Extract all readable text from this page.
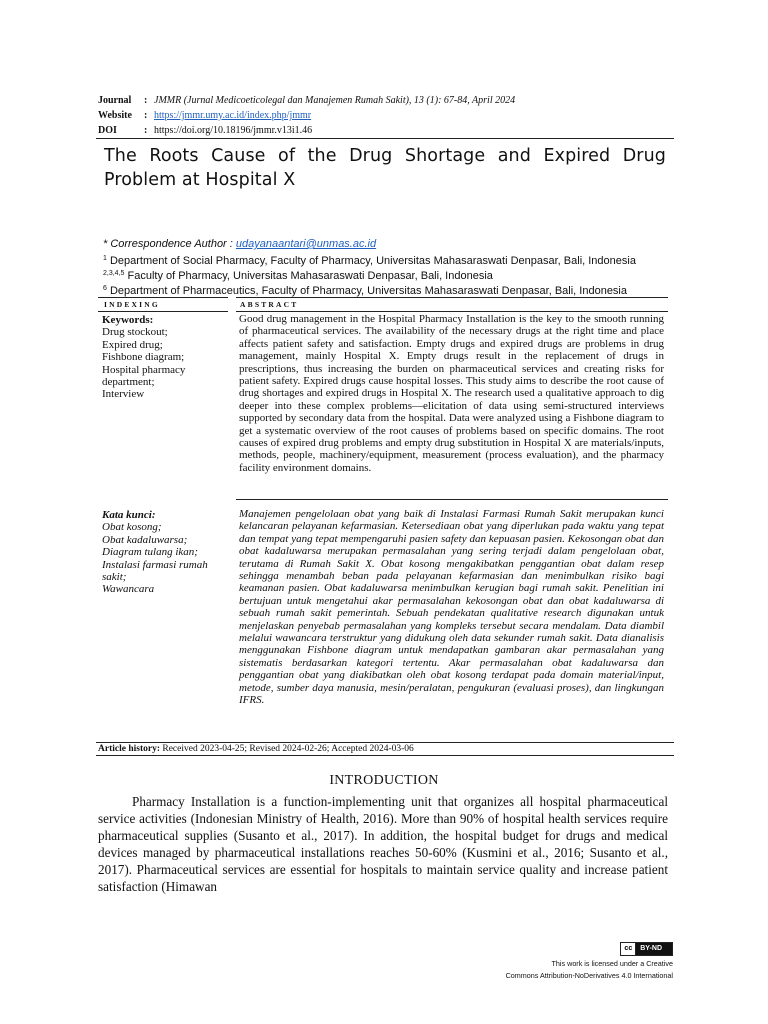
Journal	: JMMR (Jurnal Medicoeticolegal dan Manajemen Rumah Sakit), 13 (1): 67-84, April 2024
Website	: https://jmmr.umy.ac.id/index.php/jmmr
DOI	: https://doi.org/10.18196/jmmr.v13i1.46
The Roots Cause of the Drug Shortage and Expired Drug Problem at Hospital X
* Correspondence Author : udayanaantari@unmas.ac.id
$^1$ Department of Social Pharmacy, Faculty of Pharmacy, Universitas Mahasaraswati Denpasar, Bali, Indonesia
$^{2,3,4,5}$ Faculty of Pharmacy, Universitas Mahasaraswati Denpasar, Bali, Indonesia
$^6$ Department of Pharmaceutics, Faculty of Pharmacy, Universitas Mahasaraswati Denpasar, Bali, Indonesia
INDEXING	ABSTRACT
Keywords:
Drug stockout;
Expired drug;
Fishbone diagram;
Hospital pharmacy department;
Interview
Good drug management in the Hospital Pharmacy Installation is the key to the smooth running of pharmaceutical services. The availability of the necessary drugs at the right time and place affects patient safety and satisfaction. Empty drugs and expired drugs are problems in drug management, mainly Hospital X. Empty drugs result in the replacement of drugs in prescriptions, thus increasing the burden on pharmaceutical services and creating risks for patient safety. Expired drugs cause hospital losses. This study aims to describe the root cause of drug shortages and expired drugs in Hospital X. The research used a qualitative approach to dig deeper into these complex problems—elicitation of data using semi-structured interviews supported by secondary data from the hospital. Data were analyzed using a Fishbone diagram to get a systematic overview of the root causes of problems based on specific domains. The root causes of expired drug problems and empty drug substitution in Hospital X are materials/inputs, methods, people, machinery/equipment, measurement (process evaluation), and the pharmacy facility environment domains.
Kata kunci:
Obat kosong;
Obat kadaluwarsa;
Diagram tulang ikan;
Instalasi farmasi rumah sakit;
Wawancara
Manajemen pengelolaan obat yang baik di Instalasi Farmasi Rumah Sakit merupakan kunci kelancaran pelayanan kefarmasian. Ketersediaan obat yang diperlukan pada waktu yang tepat dan tempat yang tepat mempengaruhi pasien safety dan kepuasan pasien. Kekosongan obat dan obat kadaluwarsa merupakan permasalahan yang sering terjadi dalam pengelolaan obat, terutama di Rumah Sakit X. Obat kosong mengakibatkan penggantian obat dalam resep sehingga menambah beban pada pelayanan kefarmasian dan menimbulkan risiko bagi keamanan pasien. Obat kadaluwarsa menimbulkan kerugian bagi rumah sakit. Penelitian ini bertujuan untuk mengetahui akar permasalahan kekosongan obat dan obat kadaluwarsa di sebuah rumah sakit pemerintah. Sebuah pendekatan qualitative research digunakan untuk menjelaskan penyebab permasalahan yang kompleks tersebut secara mendalam. Data diambil melalui wawancara terstruktur yang didukung oleh data sekunder rumah sakit. Data dianalisis menggunakan Fishbone diagram untuk mendapatkan gambaran akar permasalahan yang sistematis berdasarkan kategori tertentu. Akar permasalahan obat kadaluwarsa dan penggantian obat yang diakibatkan oleh obat kosong terdapat pada domain material/input, metode, sumber daya manusia, mesin/peralatan, pengukuran (evaluasi proses), dan lingkungan IFRS.
Article history: Received 2023-04-25; Revised 2024-02-26; Accepted 2024-03-06
INTRODUCTION
Pharmacy Installation is a function-implementing unit that organizes all hospital pharmaceutical service activities (Indonesian Ministry of Health, 2016). More than 90% of hospital health services require pharmaceutical supplies (Susanto et al., 2017). In addition, the hospital budget for drugs and medical devices managed by pharmaceutical installations reaches 50-60% (Kusmini et al., 2016; Susanto et al., 2017). Pharmaceutical services are essential for hospitals to maintain service quality and increase patient satisfaction (Himawan
cc	BY-ND
This work is licensed under a Creative
Commons Attribution-NoDerivatives 4.0 International
